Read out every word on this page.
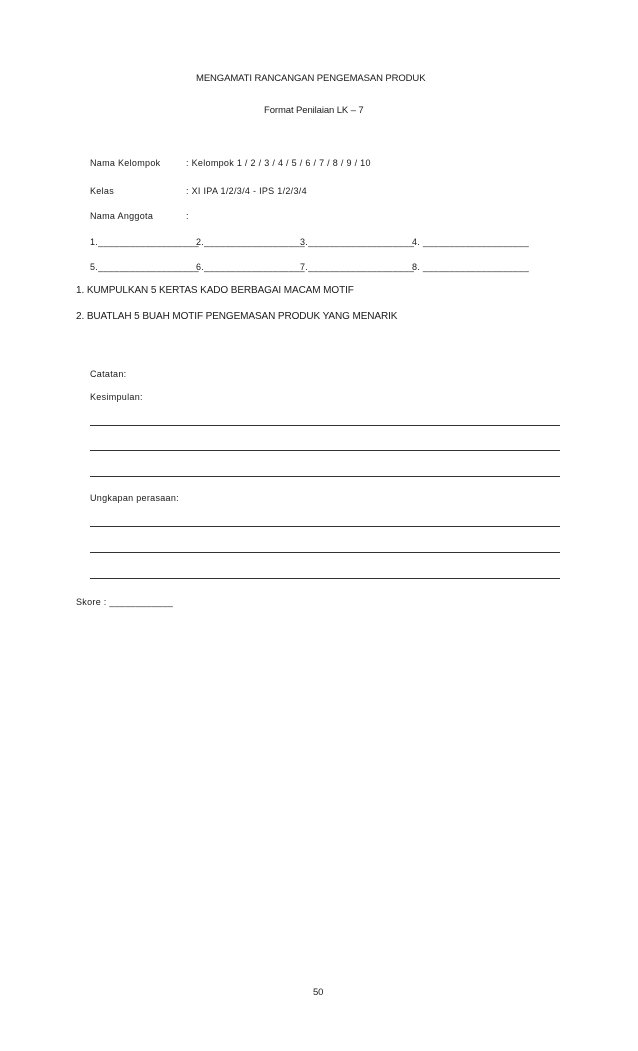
MENGAMATI RANCANGAN PENGEMASAN PRODUK
Format Penilaian LK – 7
Nama Kelompok	: Kelompok 1 / 2 / 3 / 4 / 5 / 6 / 7 / 8 / 9 / 10
Kelas	: XI IPA 1/2/3/4 - IPS 1/2/3/4
Nama Anggota	:
1.___________________
2.___________________
3.____________________
4. ____________________
5.___________________
6.___________________
7.____________________
8. ____________________
1. KUMPULKAN 5 KERTAS KADO BERBAGAI MACAM MOTIF
2. BUATLAH 5 BUAH MOTIF PENGEMASAN PRODUK YANG MENARIK
Catatan:
Kesimpulan:
Ungkapan perasaan:
Skore : ____________
50
